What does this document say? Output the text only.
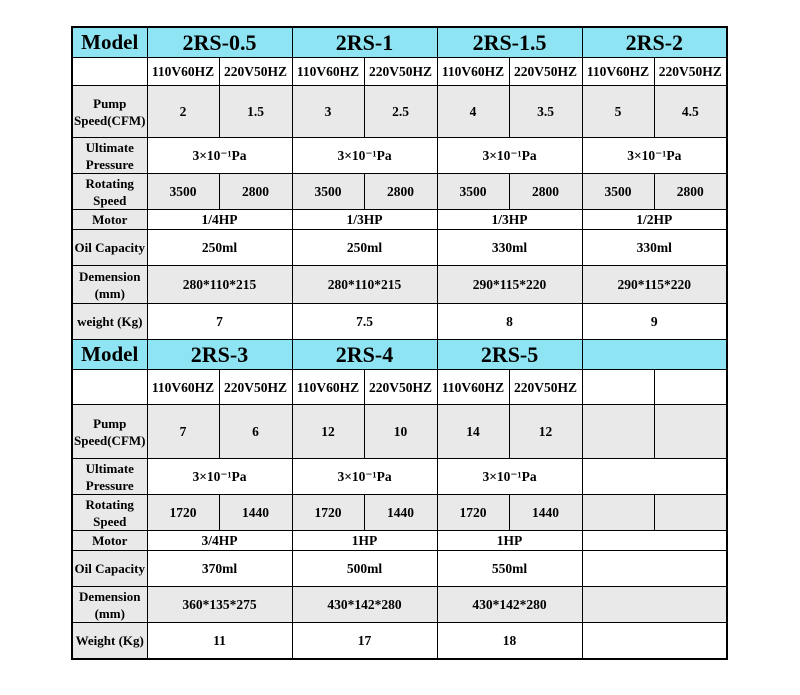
Model	2RS-0.5		2RS-1		2RS-1.5		2RS-2	
	110V60HZ	220V50HZ	110V60HZ	220V50HZ	110V60HZ	220V50HZ	110V60HZ	220V50HZ
Pump Speed(CFM)	2	1.5	3	2.5	4	3.5	5	4.5
Ultimate Pressure	3×10⁻¹Pa		3×10⁻¹Pa		3×10⁻¹Pa		3×10⁻¹Pa	
Rotating Speed	3500	2800	3500	2800	3500	2800	3500	2800
Motor	1/4HP		1/3HP		1/3HP		1/2HP	
Oil Capacity	250ml		250ml		330ml		330ml	
Demension (mm)	280*110*215		280*110*215		290*115*220		290*115*220	
weight (Kg)	7		7.5		8		9	
Model	2RS-3		2RS-4		2RS-5			
	110V60HZ	220V50HZ	110V60HZ	220V50HZ	110V60HZ	220V50HZ		
Pump Speed(CFM)	7	6	12	10	14	12		
Ultimate Pressure	3×10⁻¹Pa		3×10⁻¹Pa		3×10⁻¹Pa			
Rotating Speed	1720	1440	1720	1440	1720	1440		
Motor	3/4HP		1HP		1HP			
Oil Capacity	370ml		500ml		550ml			
Demension (mm)	360*135*275		430*142*280		430*142*280			
Weight (Kg)	11		17		18			
